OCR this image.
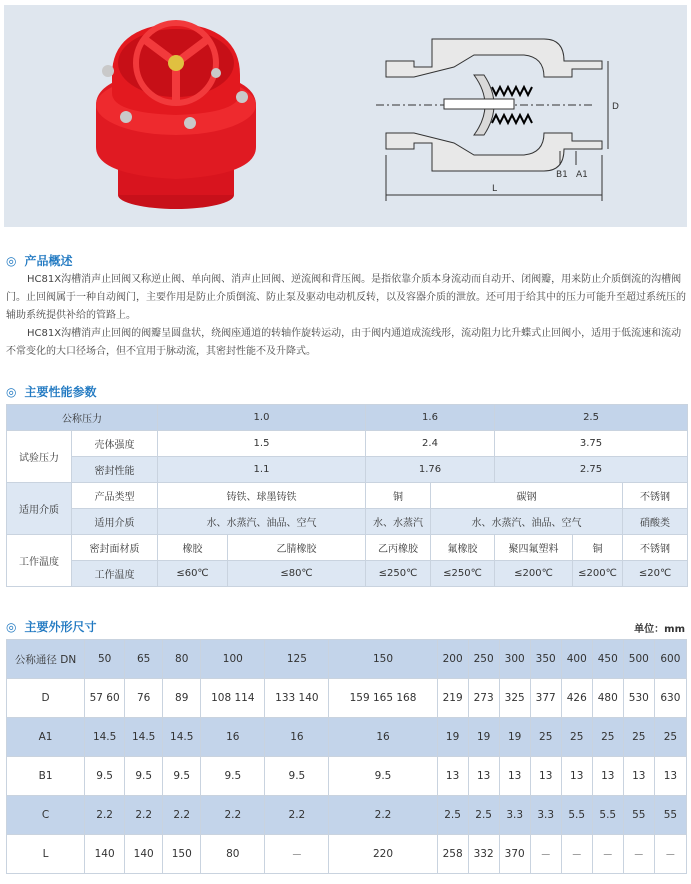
L
D
B1 A1
◎ 产品概述

HC81X沟槽消声止回阀又称逆止阀、单向阀、消声止回阀、逆流阀和背压阀。是指依靠介质本身流动而自动开、闭阀瓣，用来防止介质倒流的沟槽阀门。止回阀属于一种自动阀门，主要作用是防止介质倒流、防止泵及驱动电动机反转，以及容器介质的泄放。还可用于给其中的压力可能升至超过系统压的辅助系统提供补给的管路上。

HC81X沟槽消声止回阀的阀瓣呈圆盘状，绕阀座通道的转轴作旋转运动，由于阀内通道成流线形，流动阻力比升蝶式止回阀小，适用于低流速和流动不常变化的大口径场合，但不宜用于脉动流，其密封性能不及升降式。

◎ 主要性能参数
公称压力		1.0		1.6		2.5		
试验压力	壳体强度	1.5		2.4		3.75		
	密封性能	1.1		1.76		2.75		
适用介质	产品类型	铸铁、球墨铸铁		铜	碳钢			不锈钢
	适用介质	水、水蒸汽、油品、空气		水、水蒸汽	水、水蒸汽、油品、空气			硝酸类
工作温度	密封面材质	橡胶	乙腈橡胶	乙丙橡胶	氟橡胶	聚四氟塑料	铜	不锈钢
	工作温度	≤60℃	≤80℃	≤250℃	≤250℃	≤200℃	≤200℃	≤20℃
◎ 主要外形尺寸	单位：mm
公称通径 DN	50	65	80	100	125	150	200	250	300	350	400	450	500	600
D	57 60	76	89	108 114	133 140	159 165 168	219	273	325	377	426	480	530	630
A1	14.5	14.5	14.5	16	16	16	19	19	19	25	25	25	25	25
B1	9.5	9.5	9.5	9.5	9.5	9.5	13	13	13	13	13	13	13	13
C	2.2	2.2	2.2	2.2	2.2	2.2	2.5	2.5	3.3	3.3	5.5	5.5	55	55
L	140	140	150	80	－	220	258	332	370	－	－	－	－	－
